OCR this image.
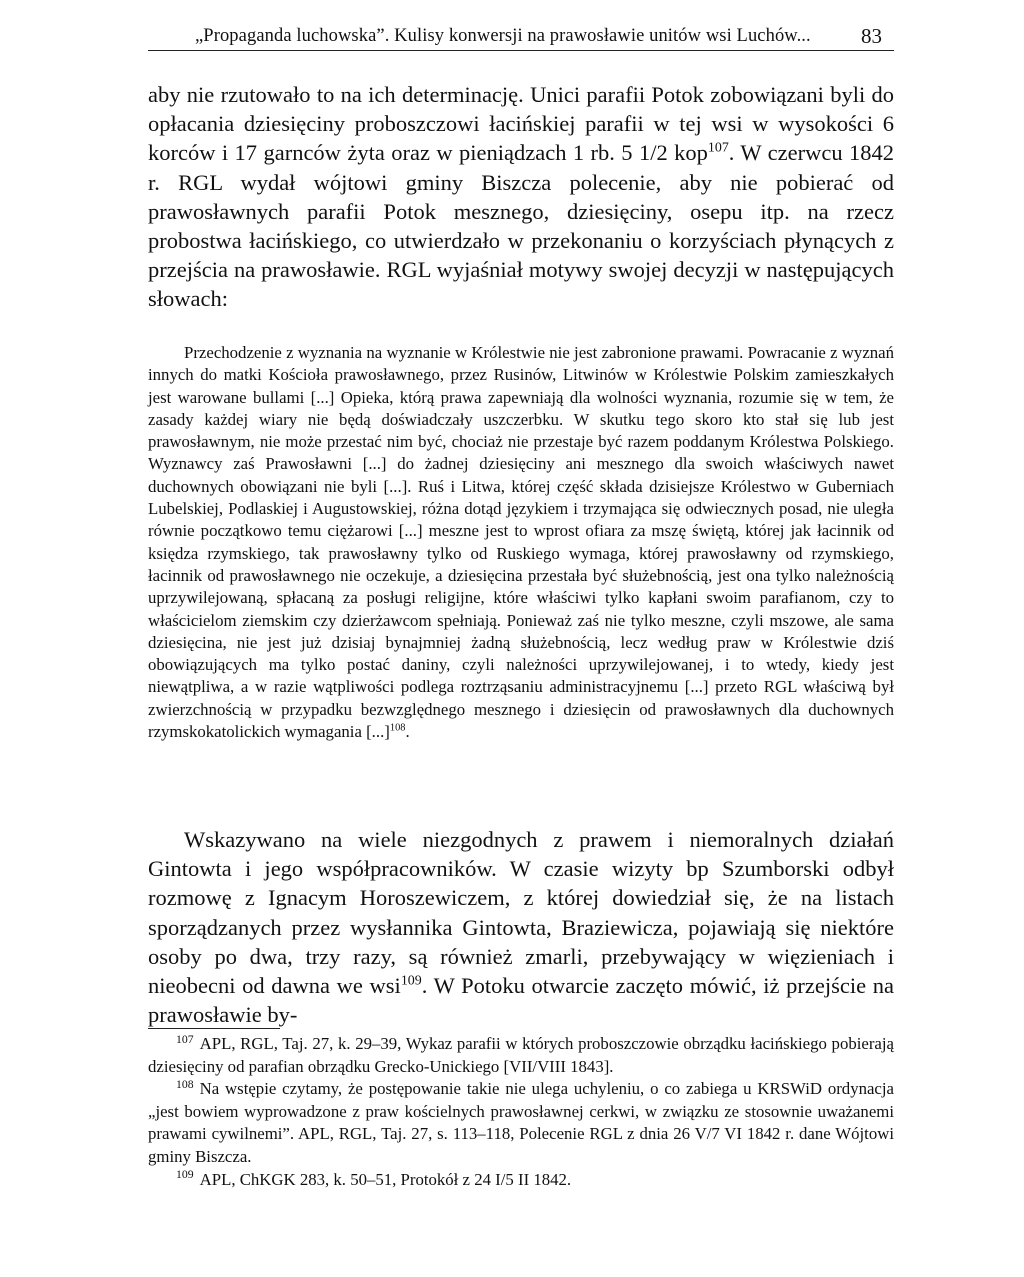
„Propaganda luchowska”. Kulisy konwersji na prawosławie unitów wsi Luchów... 83

aby nie rzutowało to na ich determinację. Unici parafii Potok zobowiązani byli do opłacania dziesięciny proboszczowi łacińskiej parafii w tej wsi w wysokości 6 korców i 17 garnców żyta oraz w pieniądzach 1 rb. 5 1/2 kop$^{107}$. W czerwcu 1842 r. RGL wydał wójtowi gminy Biszcza polecenie, aby nie pobierać od prawosławnych parafii Potok mesznego, dziesięciny, osepu itp. na rzecz probostwa łacińskiego, co utwierdzało w przekonaniu o korzyściach płynących z przejścia na prawosławie. RGL wyjaśniał motywy swojej decyzji w następujących słowach:

Przechodzenie z wyznania na wyznanie w Królestwie nie jest zabronione prawami. Powracanie z wyznań innych do matki Kościoła prawosławnego, przez Rusinów, Litwinów w Królestwie Polskim zamieszkałych jest warowane bullami [...] Opieka, którą prawa zapewniają dla wolności wyznania, rozumie się w tem, że zasady każdej wiary nie będą doświadczały uszczerbku. W skutku tego skoro kto stał się lub jest prawosławnym, nie może przestać nim być, chociaż nie przestaje być razem poddanym Królestwa Polskiego. Wyznawcy zaś Prawosławni [...] do żadnej dziesięciny ani mesznego dla swoich właściwych nawet duchownych obowiązani nie byli [...]. Ruś i Litwa, której część składa dzisiejsze Królestwo w Guberniach Lubelskiej, Podlaskiej i Augustowskiej, różna dotąd językiem i trzymająca się odwiecznych posad, nie uległa równie początkowo temu ciężarowi [...] meszne jest to wprost ofiara za mszę świętą, której jak łacinnik od księdza rzymskiego, tak prawosławny tylko od Ruskiego wymaga, której prawosławny od rzymskiego, łacinnik od prawosławnego nie oczekuje, a dziesięcina przestała być służebnością, jest ona tylko należnością uprzywilejowaną, spłacaną za posługi religijne, które właściwi tylko kapłani swoim parafianom, czy to właścicielom ziemskim czy dzierżawcom spełniają. Ponieważ zaś nie tylko meszne, czyli mszowe, ale sama dziesięcina, nie jest już dzisiaj bynajmniej żadną służebnością, lecz według praw w Królestwie dziś obowiązujących ma tylko postać daniny, czyli należności uprzywilejowanej, i to wtedy, kiedy jest niewątpliwa, a w razie wątpliwości podlega roztrząsaniu administracyjnemu [...] przeto RGL właściwą był zwierzchnością w przypadku bezwzględnego mesznego i dziesięcin od prawosławnych dla duchownych rzymskokatolickich wymagania [...]$^{108}$.

Wskazywano na wiele niezgodnych z prawem i niemoralnych działań Gintowta i jego współpracowników. W czasie wizyty bp Szumborski odbył rozmowę z Ignacym Horoszewiczem, z której dowiedział się, że na listach sporządzanych przez wysłannika Gintowta, Braziewicza, pojawiają się niektóre osoby po dwa, trzy razy, są również zmarli, przebywający w więzieniach i nieobecni od dawna we wsi$^{109}$. W Potoku otwarcie zaczęto mówić, iż przejście na prawosławie by-

$^{107}$ APL, RGL, Taj. 27, k. 29–39, Wykaz parafii w których proboszczowie obrządku łacińskiego pobierają dziesięciny od parafian obrządku Grecko-Unickiego [VII/VIII 1843].

$^{108}$ Na wstępie czytamy, że postępowanie takie nie ulega uchyleniu, o co zabiega u KRSWiD ordynacja „jest bowiem wyprowadzone z praw kościelnych prawosławnej cerkwi, w związku ze stosownie uważanemi prawami cywilnemi”. APL, RGL, Taj. 27, s. 113–118, Polecenie RGL z dnia 26 V/7 VI 1842 r. dane Wójtowi gminy Biszcza.

$^{109}$ APL, ChKGK 283, k. 50–51, Protokół z 24 I/5 II 1842.
